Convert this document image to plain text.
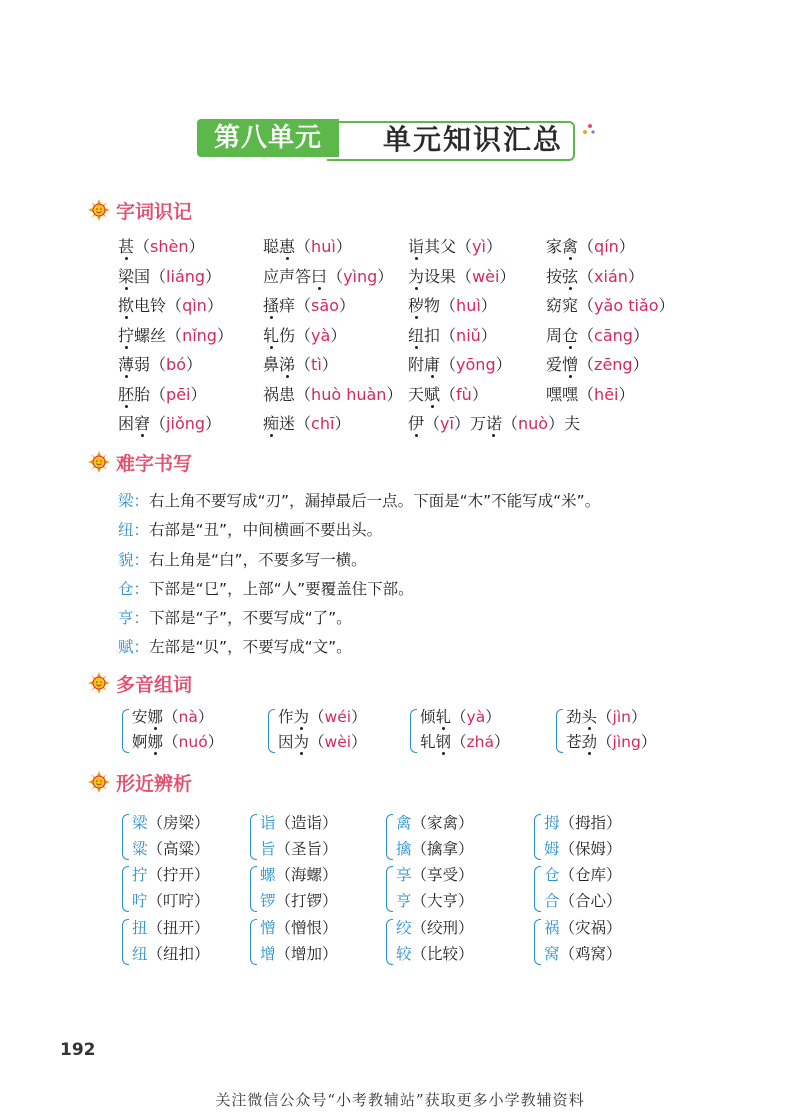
第八单元	单元知识汇总
字词识记
甚（shèn）	聪惠（huì）	诣其父（yì）	家禽（qín）
梁国（liáng）	应声答曰（yìng） 为设果（wèi） 按弦（xián）
揿电铃（qìn）	搔痒（sāo）	秽物（huì）	窈窕（yǎo tiǎo）
拧螺丝（nǐng） 轧伤（yà）	纽扣（niǔ）	周仓（cāng）
薄弱（bó）	鼻涕（tì）	附庸（yōng） 爱憎（zēng）
胚胎（pēi）	祸患（huò huàn） 天赋（fù）	嘿嘿（hēi）
困窘（jiǒng）	痴迷（chī）	伊（yī）万诺（nuò）夫
难字书写
梁：右上角不要写成“刃”，漏掉最后一点。下面是“木”不能写成“米”。
纽：右部是“丑”，中间横画不要出头。
貌：右上角是“白”，不要多写一横。
仓：下部是“㔾”，上部“人”要覆盖住下部。
亨：下部是“子”，不要写成“了”。
赋：左部是“贝”，不要写成“文”。
多音组词
安娜（nà）
婀娜（nuó）
作为（wéi）
因为（wèi）
倾轧（yà）
轧钢（zhá）
劲头（jìn）
苍劲（jìng）
形近辨析
梁（房梁）
粱（高粱）
诣（造诣）
旨（圣旨）
禽（家禽）
擒（擒拿）
拇（拇指）
姆（保姆）
拧（拧开）
咛（叮咛）
螺（海螺）
锣（打锣）
享（享受）
亨（大亨）
仓（仓库）
合（合心）
扭（扭开）
纽（纽扣）
憎（憎恨）
增（增加）
绞（绞刑）
较（比较）
祸（灾祸）
窝（鸡窝）
192
关注微信公众号“小考教辅站”获取更多小学教辅资料
